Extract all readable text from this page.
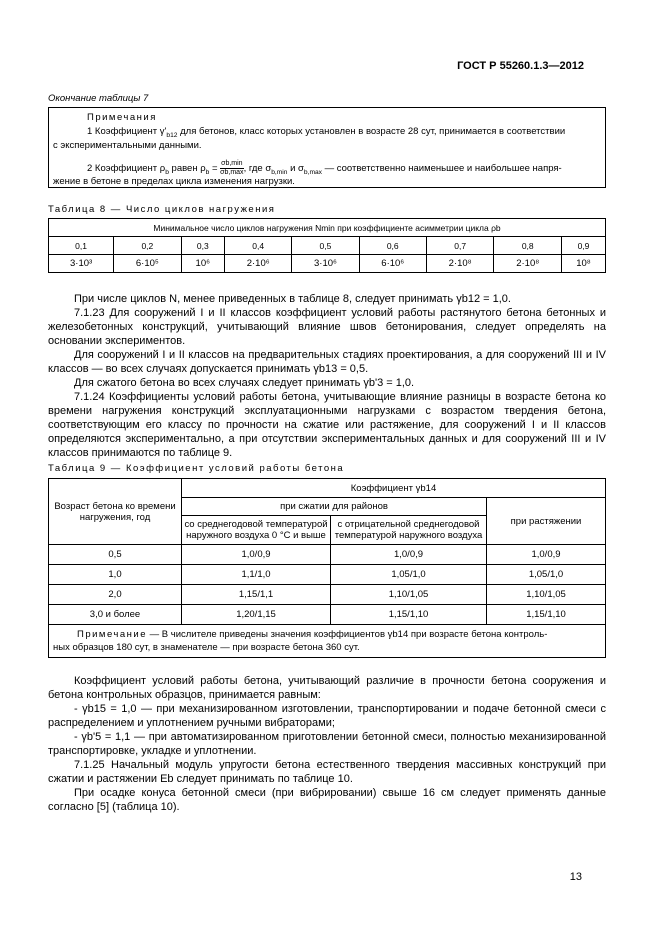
ГОСТ Р 55260.1.3—2012
Окончание таблицы 7
Примечания
1 Коэффициент $\gamma'_{b12}$ для бетонов, класс которых установлен в возрасте 28 сут, принимается в соответствии
с экспериментальными данными.
2 Коэффициент $\rho_b$ равен $\rho_b = \sigma b,\min$
σb,max , где $\sigma_{b,min}$ и $\sigma_{b,max}$ — соответственно наименьшее и наибольшее напря-
жение в бетоне в пределах цикла изменения нагрузки.
Таблица 8 — Число циклов нагружения
Минимальное число циклов нагружения Nmin при коэффициенте асимметрии цикла ρb								
0,1	0,2	0,3	0,4	0,5	0,6	0,7	0,8	0,9
3·10³	6·10⁵	10⁶	2·10⁶	3·10⁶	6·10⁶	2·10⁸	2·10⁸	10⁸
При числе циклов N, менее приведенных в таблице 8, следует принимать γb12 = 1,0.
7.1.23 Для сооружений I и II классов коэффициент условий работы растянутого бетона бетонных и железобетонных конструкций, учитывающий влияние швов бетонирования, следует определять на основании экспериментов.
Для сооружений I и II классов на предварительных стадиях проектирования, а для сооружений III и IV классов — во всех случаях допускается принимать γb13 = 0,5.
Для сжатого бетона во всех случаях следует принимать γb'3 = 1,0.
7.1.24 Коэффициенты условий работы бетона, учитывающие влияние разницы в возрасте бетона ко времени нагружения конструкций эксплуатационными нагрузками с возрастом твердения бетона, соответствующим его классу по прочности на сжатие или растяжение, для сооружений I и II классов определяются экспериментально, а при отсутствии экспериментальных данных и для сооружений III и IV классов принимаются по таблице 9.
Таблица 9 — Коэффициент условий работы бетона
Возраст бетона ко времени нагружения, год	Коэффициент γb14		
	при сжатии для районов		при растяжении
	со среднегодовой температурой наружного воздуха 0 °С и выше	с отрицательной среднегодовой температурой наружного воздуха	
0,5	1,0/0,9	1,0/0,9	1,0/0,9
1,0	1,1/1,0	1,05/1,0	1,05/1,0
2,0	1,15/1,1	1,10/1,05	1,10/1,05
3,0 и более	1,20/1,15	1,15/1,10	1,15/1,10
Примечание — В числителе приведены значения коэффициентов γb14 при возрасте бетона контроль-
ных образцов 180 сут, в знаменателе — при возрасте бетона 360 сут.			
Коэффициент условий работы бетона, учитывающий различие в прочности бетона сооружения и бетона контрольных образцов, принимается равным:
- γb15 = 1,0 — при механизированном изготовлении, транспортировании и подаче бетонной смеси с распределением и уплотнением ручными вибраторами;
- γb'5 = 1,1 — при автоматизированном приготовлении бетонной смеси, полностью механизированной транспортировке, укладке и уплотнении.
7.1.25 Начальный модуль упругости бетона естественного твердения массивных конструкций при сжатии и растяжении Eb следует принимать по таблице 10.
При осадке конуса бетонной смеси (при вибрировании) свыше 16 см следует применять данные согласно [5] (таблица 10).
13
